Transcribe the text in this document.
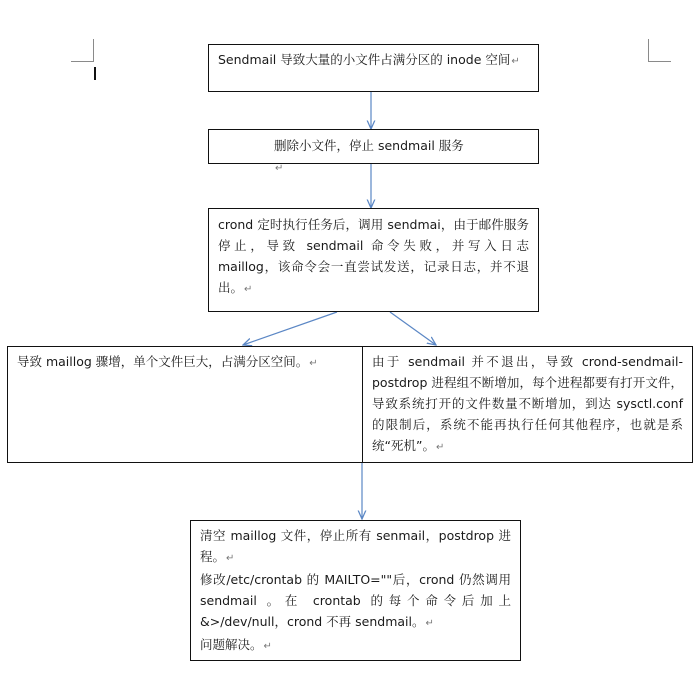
Sendmail 导致大量的小文件占满分区的 inode 空间↵
删除小文件，停止 sendmail 服务↵
crond 定时执行任务后，调用 sendmai，由于邮件服务停止，导致 sendmail 命令失败，并写入日志 maillog，该命令会一直尝试发送，记录日志，并不退出。↵
导致 maillog 骤增，单个文件巨大，占满分区空间。↵	由于 sendmail 并不退出，导致 crond-sendmail-postdrop 进程组不断增加，每个进程都要有打开文件，导致系统打开的文件数量不断增加，到达 sysctl.conf 的限制后，系统不能再执行任何其他程序，也就是系统“死机”。↵
清空 maillog 文件，停止所有 senmail，postdrop 进程。↵
修改/etc/crontab 的 MAILTO=""后，crond 仍然调用 sendmail 。在 crontab 的每个命令后加上 &>/dev/null，crond 不再 sendmail。↵
问题解决。↵
